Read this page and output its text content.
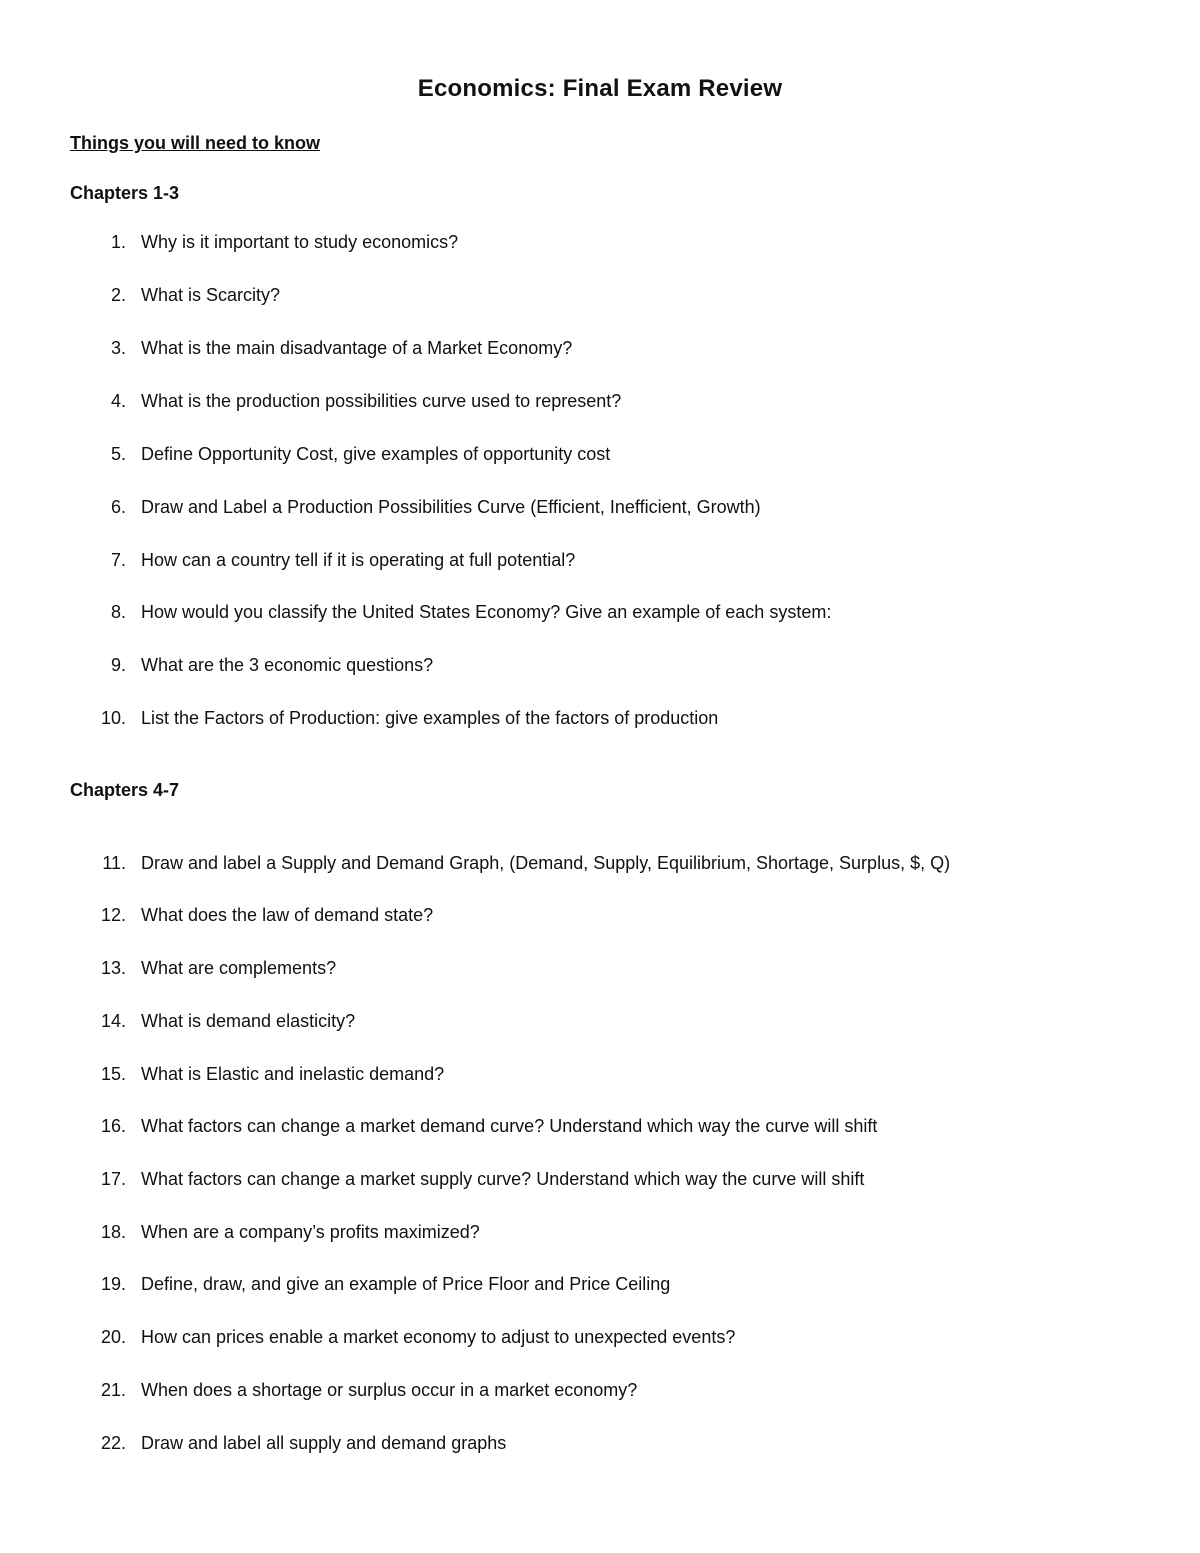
Economics: Final Exam Review
Things you will need to know
Chapters 1-3
1. Why is it important to study economics?
2. What is Scarcity?
3. What is the main disadvantage of a Market Economy?
4. What is the production possibilities curve used to represent?
5. Define Opportunity Cost, give examples of opportunity cost
6. Draw and Label a Production Possibilities Curve (Efficient, Inefficient, Growth)
7. How can a country tell if it is operating at full potential?
8. How would you classify the United States Economy? Give an example of each system:
9. What are the 3 economic questions?
10. List the Factors of Production: give examples of the factors of production
Chapters 4-7
11. Draw and label a Supply and Demand Graph, (Demand, Supply, Equilibrium, Shortage, Surplus, $, Q)
12. What does the law of demand state?
13. What are complements?
14. What is demand elasticity?
15. What is Elastic and inelastic demand?
16. What factors can change a market demand curve? Understand which way the curve will shift
17. What factors can change a market supply curve? Understand which way the curve will shift
18. When are a company’s profits maximized?
19. Define, draw, and give an example of Price Floor and Price Ceiling
20. How can prices enable a market economy to adjust to unexpected events?
21. When does a shortage or surplus occur in a market economy?
22. Draw and label all supply and demand graphs
